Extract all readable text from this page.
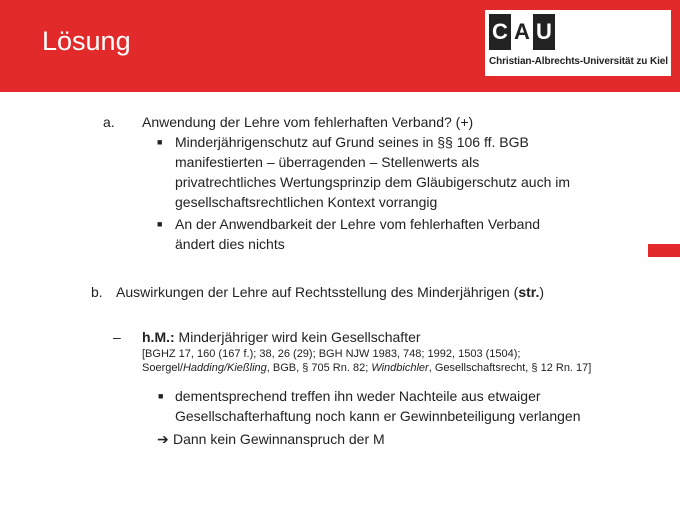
Lösung	C A U
Christian-Albrechts-Universität zu Kiel
a. Anwendung der Lehre vom fehlerhaften Verband? (+)
■ Minderjährigenschutz auf Grund seines in §§ 106 ff. BGB
manifestierten – überragenden – Stellenwerts als
privatrechtliches Wertungsprinzip dem Gläubigerschutz auch im
gesellschaftsrechtlichen Kontext vorrangig
■ An der Anwendbarkeit der Lehre vom fehlerhaften Verband
ändert dies nichts
b. Auswirkungen der Lehre auf Rechtsstellung des Minderjährigen (str.)
– h.M.: Minderjähriger wird kein Gesellschafter
[BGHZ 17, 160 (167 f.); 38, 26 (29); BGH NJW 1983, 748; 1992, 1503 (1504);
Soergel/Hadding/Kießling, BGB, § 705 Rn. 82; Windbichler, Gesellschaftsrecht, § 12 Rn. 17]
■ dementsprechend treffen ihn weder Nachteile aus etwaiger
Gesellschafterhaftung noch kann er Gewinnbeteiligung verlangen
➔ Dann kein Gewinnanspruch der M
